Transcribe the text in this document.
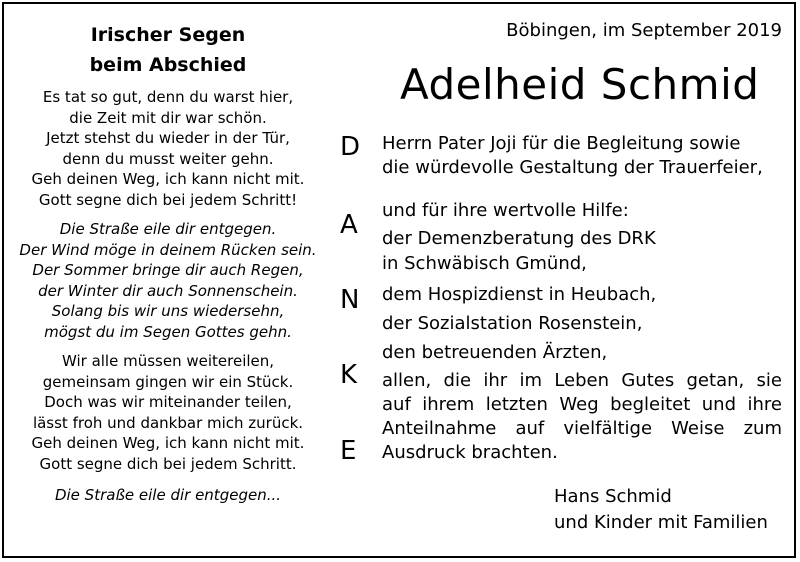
Irischer Segen
beim Abschied
Es tat so gut, denn du warst hier,
die Zeit mit dir war schön.
Jetzt stehst du wieder in der Tür,
denn du musst weiter gehn.
Geh deinen Weg, ich kann nicht mit.
Gott segne dich bei jedem Schritt!
Die Straße eile dir entgegen.
Der Wind möge in deinem Rücken sein.
Der Sommer bringe dir auch Regen,
der Winter dir auch Sonnenschein.
Solang bis wir uns wiedersehn,
mögst du im Segen Gottes gehn.
Wir alle müssen weitereilen,
gemeinsam gingen wir ein Stück.
Doch was wir miteinander teilen,
lässt froh und dankbar mich zurück.
Geh deinen Weg, ich kann nicht mit.
Gott segne dich bei jedem Schritt.
Die Straße eile dir entgegen...
Böbingen, im September 2019
Adelheid Schmid
D
A
N
K
E
Herrn Pater Joji für die Begleitung sowie
die würdevolle Gestaltung der Trauerfeier,
und für ihre wertvolle Hilfe:
der Demenzberatung des DRK
in Schwäbisch Gmünd,
dem Hospizdienst in Heubach,
der Sozialstation Rosenstein,
den betreuenden Ärzten,
allen, die ihr im Leben Gutes getan, sie
auf ihrem letzten Weg begleitet und ihre
Anteilnahme auf vielfältige Weise zum
Ausdruck brachten.
Hans Schmid
und Kinder mit Familien
